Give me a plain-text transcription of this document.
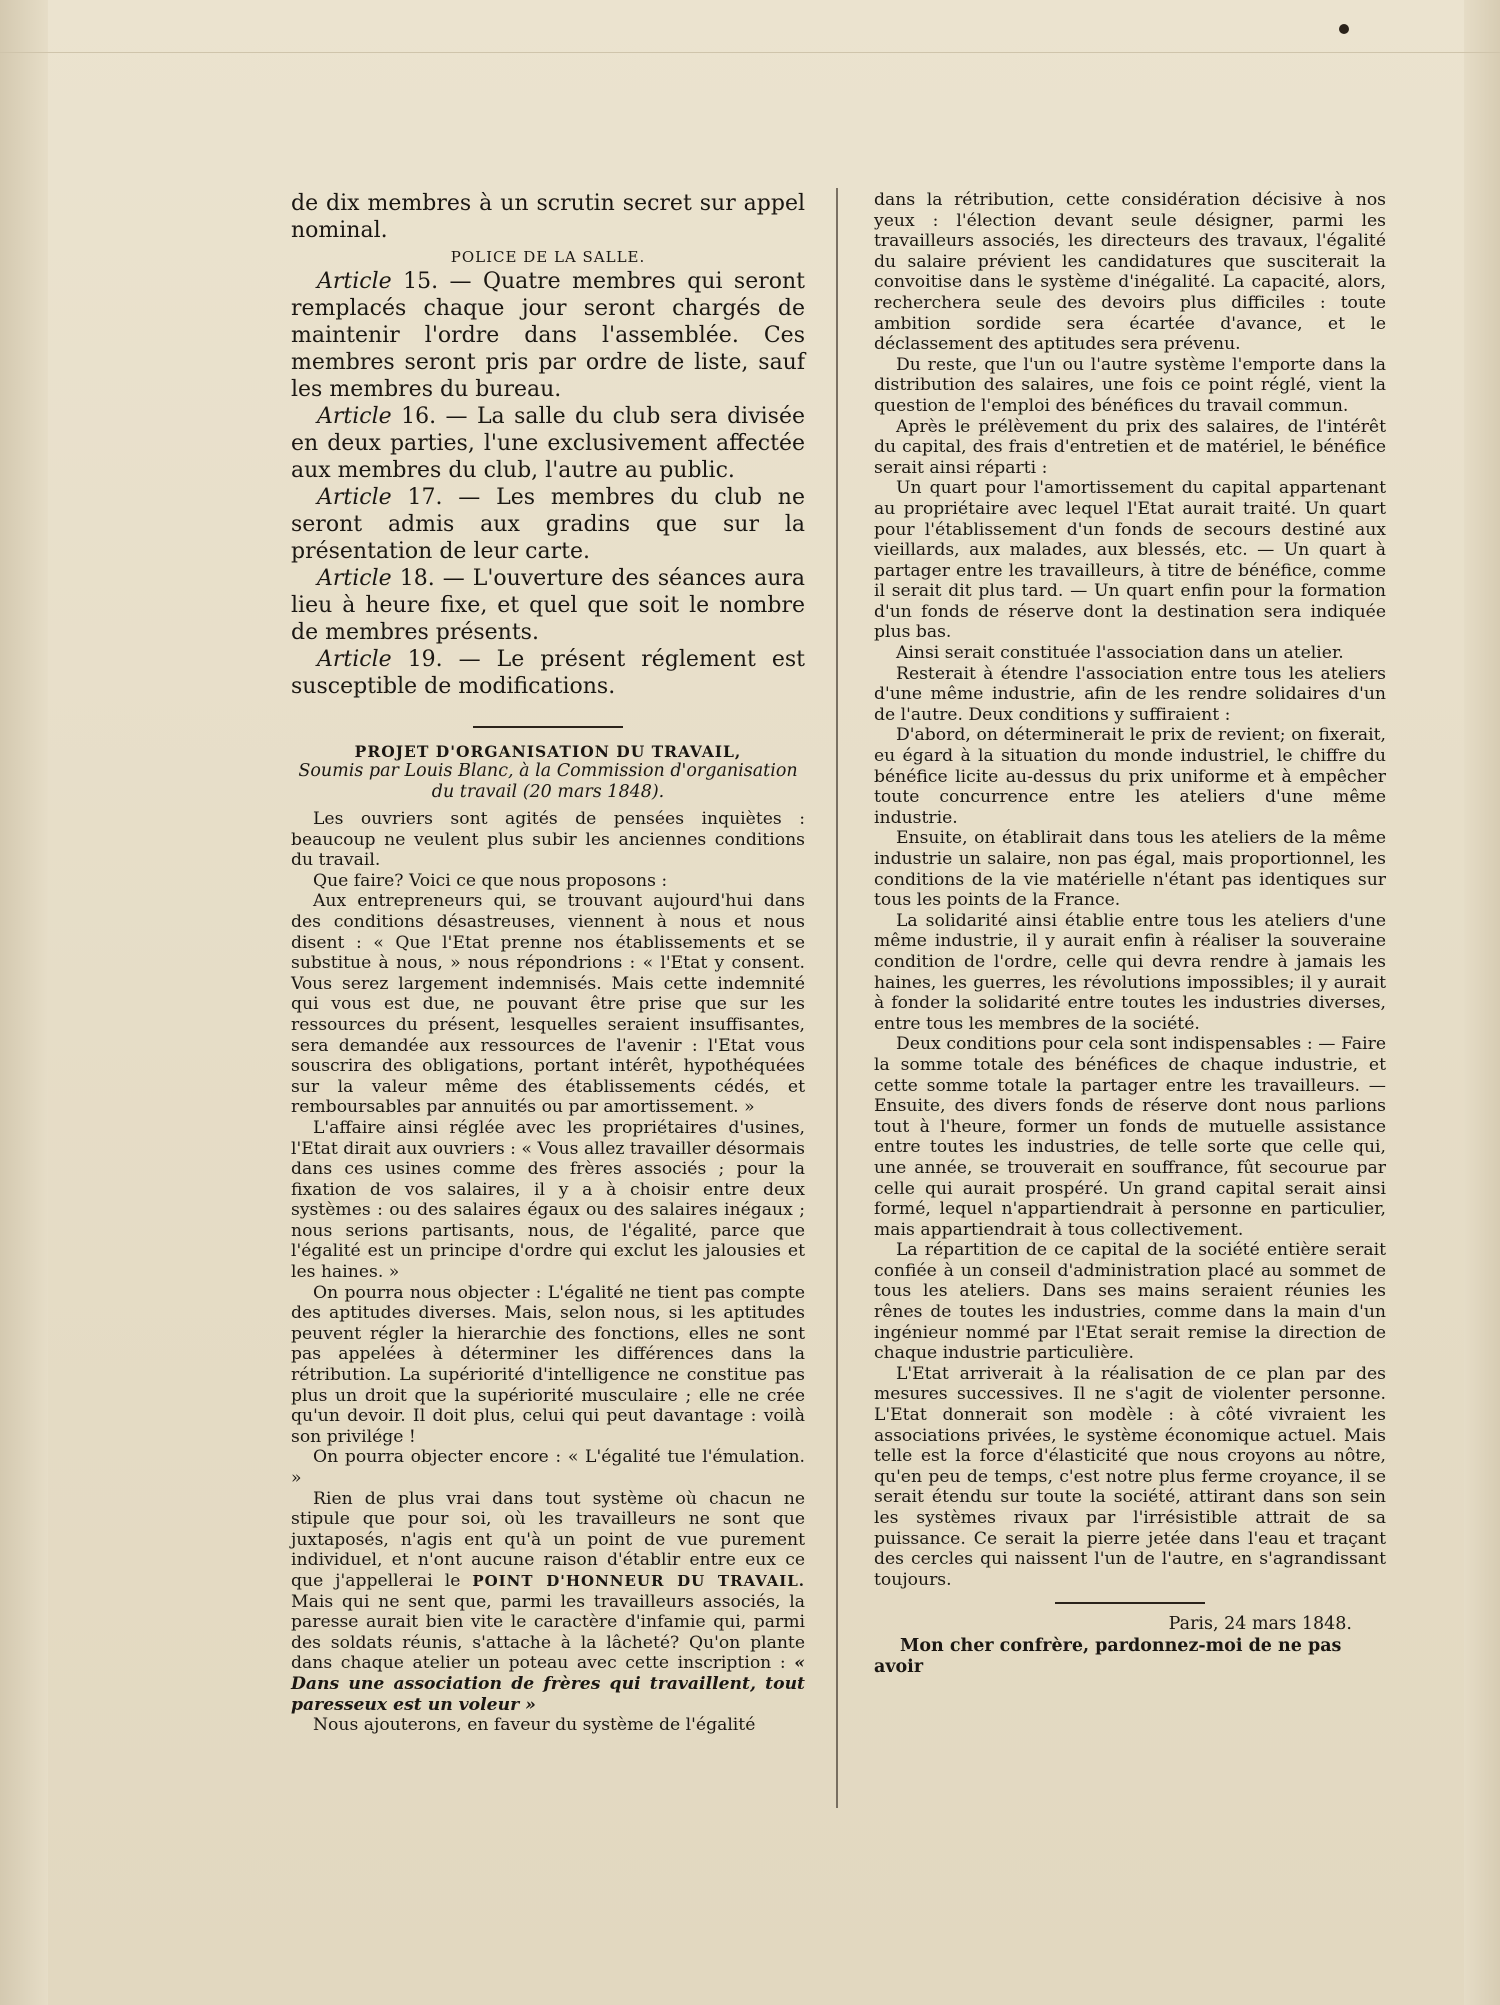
de dix membres à un scrutin secret sur appel nominal.

POLICE DE LA SALLE.

Article 15. — Quatre membres qui seront remplacés chaque jour seront chargés de maintenir l'ordre dans l'assemblée. Ces membres seront pris par ordre de liste, sauf les membres du bureau.

Article 16. — La salle du club sera divisée en deux parties, l'une exclusivement affectée aux membres du club, l'autre au public.

Article 17. — Les membres du club ne seront admis aux gradins que sur la présentation de leur carte.

Article 18. — L'ouverture des séances aura lieu à heure fixe, et quel que soit le nombre de membres présents.

Article 19. — Le présent réglement est susceptible de modifications.

PROJET D'ORGANISATION DU TRAVAIL,

Soumis par Louis Blanc, à la Commission d'organisation du travail (20 mars 1848).

Les ouvriers sont agités de pensées inquiètes : beaucoup ne veulent plus subir les anciennes conditions du travail.

Que faire? Voici ce que nous proposons :

Aux entrepreneurs qui, se trouvant aujourd'hui dans des conditions désastreuses, viennent à nous et nous disent : « Que l'Etat prenne nos établissements et se substitue à nous, » nous répondrions : « l'Etat y consent. Vous serez largement indemnisés. Mais cette indemnité qui vous est due, ne pouvant être prise que sur les ressources du présent, lesquelles seraient insuffisantes, sera demandée aux ressources de l'avenir : l'Etat vous souscrira des obligations, portant intérêt, hypothéquées sur la valeur même des établissements cédés, et remboursables par annuités ou par amortissement. »

L'affaire ainsi réglée avec les propriétaires d'usines, l'Etat dirait aux ouvriers : « Vous allez travailler désormais dans ces usines comme des frères associés ; pour la fixation de vos salaires, il y a à choisir entre deux systèmes : ou des salaires égaux ou des salaires inégaux ; nous serions partisants, nous, de l'égalité, parce que l'égalité est un principe d'ordre qui exclut les jalousies et les haines. »

On pourra nous objecter : L'égalité ne tient pas compte des aptitudes diverses. Mais, selon nous, si les aptitudes peuvent régler la hierarchie des fonctions, elles ne sont pas appelées à déterminer les différences dans la rétribution. La supériorité d'intelligence ne constitue pas plus un droit que la supériorité musculaire ; elle ne crée qu'un devoir. Il doit plus, celui qui peut davantage : voilà son privilége !

On pourra objecter encore : « L'égalité tue l'émulation. »

Rien de plus vrai dans tout système où chacun ne stipule que pour soi, où les travailleurs ne sont que juxtaposés, n'agis ent qu'à un point de vue purement individuel, et n'ont aucune raison d'établir entre eux ce que j'appellerai le POINT D'HONNEUR DU TRAVAIL. Mais qui ne sent que, parmi les travailleurs associés, la paresse aurait bien vite le caractère d'infamie qui, parmi des soldats réunis, s'attache à la lâcheté? Qu'on plante dans chaque atelier un poteau avec cette inscription : « Dans une association de frères qui travaillent, tout paresseux est un voleur »

Nous ajouterons, en faveur du système de l'égalité

dans la rétribution, cette considération décisive à nos yeux : l'élection devant seule désigner, parmi les travailleurs associés, les directeurs des travaux, l'égalité du salaire prévient les candidatures que susciterait la convoitise dans le système d'inégalité. La capacité, alors, recherchera seule des devoirs plus difficiles : toute ambition sordide sera écartée d'avance, et le déclassement des aptitudes sera prévenu.

Du reste, que l'un ou l'autre système l'emporte dans la distribution des salaires, une fois ce point réglé, vient la question de l'emploi des bénéfices du travail commun.

Après le prélèvement du prix des salaires, de l'intérêt du capital, des frais d'entretien et de matériel, le bénéfice serait ainsi réparti :

Un quart pour l'amortissement du capital appartenant au propriétaire avec lequel l'Etat aurait traité. Un quart pour l'établissement d'un fonds de secours destiné aux vieillards, aux malades, aux blessés, etc. — Un quart à partager entre les travailleurs, à titre de bénéfice, comme il serait dit plus tard. — Un quart enfin pour la formation d'un fonds de réserve dont la destination sera indiquée plus bas.

Ainsi serait constituée l'association dans un atelier.

Resterait à étendre l'association entre tous les ateliers d'une même industrie, afin de les rendre solidaires d'un de l'autre. Deux conditions y suffiraient :

D'abord, on déterminerait le prix de revient; on fixerait, eu égard à la situation du monde industriel, le chiffre du bénéfice licite au-dessus du prix uniforme et à empêcher toute concurrence entre les ateliers d'une même industrie.

Ensuite, on établirait dans tous les ateliers de la même industrie un salaire, non pas égal, mais proportionnel, les conditions de la vie matérielle n'étant pas identiques sur tous les points de la France.

La solidarité ainsi établie entre tous les ateliers d'une même industrie, il y aurait enfin à réaliser la souveraine condition de l'ordre, celle qui devra rendre à jamais les haines, les guerres, les révolutions impossibles; il y aurait à fonder la solidarité entre toutes les industries diverses, entre tous les membres de la société.

Deux conditions pour cela sont indispensables : — Faire la somme totale des bénéfices de chaque industrie, et cette somme totale la partager entre les travailleurs. — Ensuite, des divers fonds de réserve dont nous parlions tout à l'heure, former un fonds de mutuelle assistance entre toutes les industries, de telle sorte que celle qui, une année, se trouverait en souffrance, fût secourue par celle qui aurait prospéré. Un grand capital serait ainsi formé, lequel n'appartiendrait à personne en particulier, mais appartiendrait à tous collectivement.

La répartition de ce capital de la société entière serait confiée à un conseil d'administration placé au sommet de tous les ateliers. Dans ses mains seraient réunies les rênes de toutes les industries, comme dans la main d'un ingénieur nommé par l'Etat serait remise la direction de chaque industrie particulière.

L'Etat arriverait à la réalisation de ce plan par des mesures successives. Il ne s'agit de violenter personne. L'Etat donnerait son modèle : à côté vivraient les associations privées, le système économique actuel. Mais telle est la force d'élasticité que nous croyons au nôtre, qu'en peu de temps, c'est notre plus ferme croyance, il se serait étendu sur toute la société, attirant dans son sein les systèmes rivaux par l'irrésistible attrait de sa puissance. Ce serait la pierre jetée dans l'eau et traçant des cercles qui naissent l'un de l'autre, en s'agrandissant toujours.

Paris, 24 mars 1848.

Mon cher confrère, pardonnez-moi de ne pas avoir
